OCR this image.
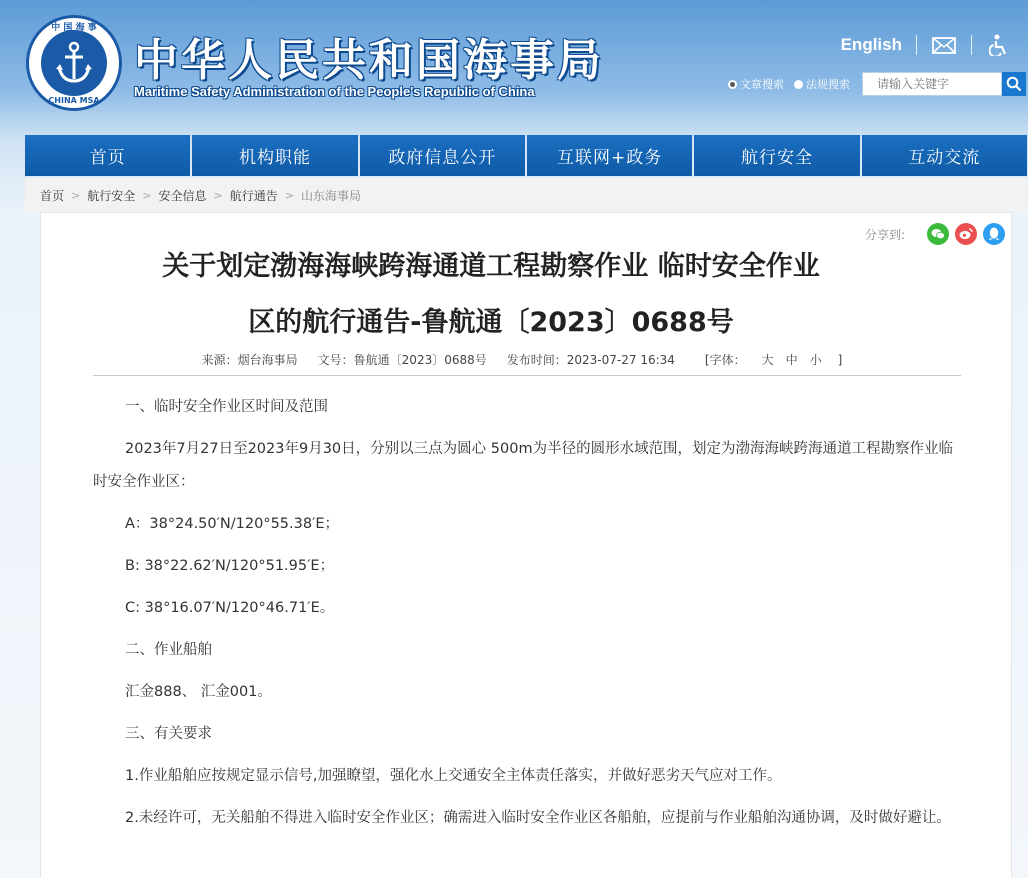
中 国 海 事
CHINA MSA
中华人民共和国海事局
Maritime Safety Administration of the People's Republic of China
English
文章搜索 法规搜索
请输入关键字
首页	机构职能	政府信息公开	互联网+政务	航行安全	互动交流
首页 > 航行安全 > 安全信息 > 航行通告 > 山东海事局
分享到:
关于划定渤海海峡跨海通道工程勘察作业 临时安全作业
区的航行通告-鲁航通〔2023〕0688号
来源：烟台海事局 文号：鲁航通〔2023〕0688号 发布时间：2023-07-27 16:34	[字体： 大 中 小 ]

一、临时安全作业区时间及范围

2023年7月27日至2023年9月30日，分别以三点为圆心 500m为半径的圆形水域范围，划定为渤海海峡跨海通道工程勘察作业临时安全作业区：

A：38°24.50′N/120°55.38′E；

B: 38°22.62′N/120°51.95′E；

C: 38°16.07′N/120°46.71′E。

二、作业船舶

汇金888、 汇金001。

三、有关要求

1.作业船舶应按规定显示信号,加强瞭望，强化水上交通安全主体责任落实，并做好恶劣天气应对工作。

2.未经许可，无关船舶不得进入临时安全作业区；确需进入临时安全作业区各船舶，应提前与作业船舶沟通协调，及时做好避让。
